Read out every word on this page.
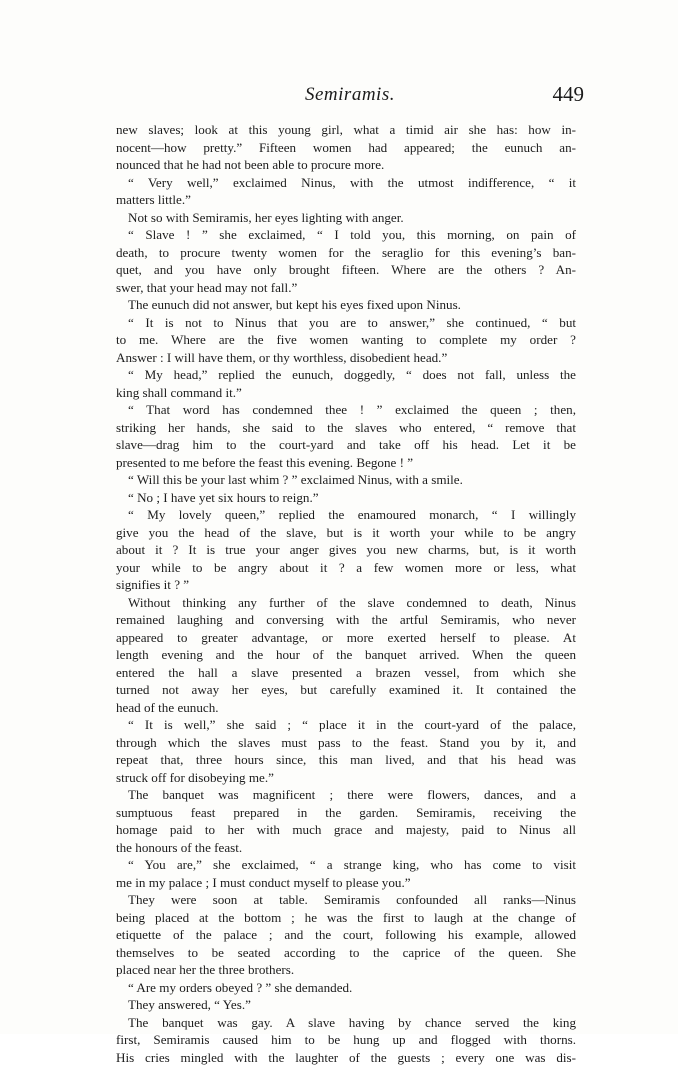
Semiramis.	449
new slaves; look at this young girl, what a timid air she has: how in-
nocent—how pretty.” Fifteen women had appeared; the eunuch an-
nounced that he had not been able to procure more.
“ Very well,” exclaimed Ninus, with the utmost indifference, “ it
matters little.”
Not so with Semiramis, her eyes lighting with anger.
“ Slave ! ” she exclaimed, “ I told you, this morning, on pain of
death, to procure twenty women for the seraglio for this evening’s ban-
quet, and you have only brought fifteen. Where are the others ? An-
swer, that your head may not fall.”
The eunuch did not answer, but kept his eyes fixed upon Ninus.
“ It is not to Ninus that you are to answer,” she continued, “ but
to me. Where are the five women wanting to complete my order ?
Answer : I will have them, or thy worthless, disobedient head.”
“ My head,” replied the eunuch, doggedly, “ does not fall, unless the
king shall command it.”
“ That word has condemned thee ! ” exclaimed the queen ; then,
striking her hands, she said to the slaves who entered, “ remove that
slave—drag him to the court-yard and take off his head. Let it be
presented to me before the feast this evening. Begone ! ”
“ Will this be your last whim ? ” exclaimed Ninus, with a smile.
“ No ; I have yet six hours to reign.”
“ My lovely queen,” replied the enamoured monarch, “ I willingly
give you the head of the slave, but is it worth your while to be angry
about it ? It is true your anger gives you new charms, but, is it worth
your while to be angry about it ? a few women more or less, what
signifies it ? ”
Without thinking any further of the slave condemned to death, Ninus
remained laughing and conversing with the artful Semiramis, who never
appeared to greater advantage, or more exerted herself to please. At
length evening and the hour of the banquet arrived. When the queen
entered the hall a slave presented a brazen vessel, from which she
turned not away her eyes, but carefully examined it. It contained the
head of the eunuch.
“ It is well,” she said ; “ place it in the court-yard of the palace,
through which the slaves must pass to the feast. Stand you by it, and
repeat that, three hours since, this man lived, and that his head was
struck off for disobeying me.”
The banquet was magnificent ; there were flowers, dances, and a
sumptuous feast prepared in the garden. Semiramis, receiving the
homage paid to her with much grace and majesty, paid to Ninus all
the honours of the feast.
“ You are,” she exclaimed, “ a strange king, who has come to visit
me in my palace ; I must conduct myself to please you.”
They were soon at table. Semiramis confounded all ranks—Ninus
being placed at the bottom ; he was the first to laugh at the change of
etiquette of the palace ; and the court, following his example, allowed
themselves to be seated according to the caprice of the queen. She
placed near her the three brothers.
“ Are my orders obeyed ? ” she demanded.
They answered, “ Yes.”
The banquet was gay. A slave having by chance served the king
first, Semiramis caused him to be hung up and flogged with thorns.
His cries mingled with the laughter of the guests ; every one was dis-
